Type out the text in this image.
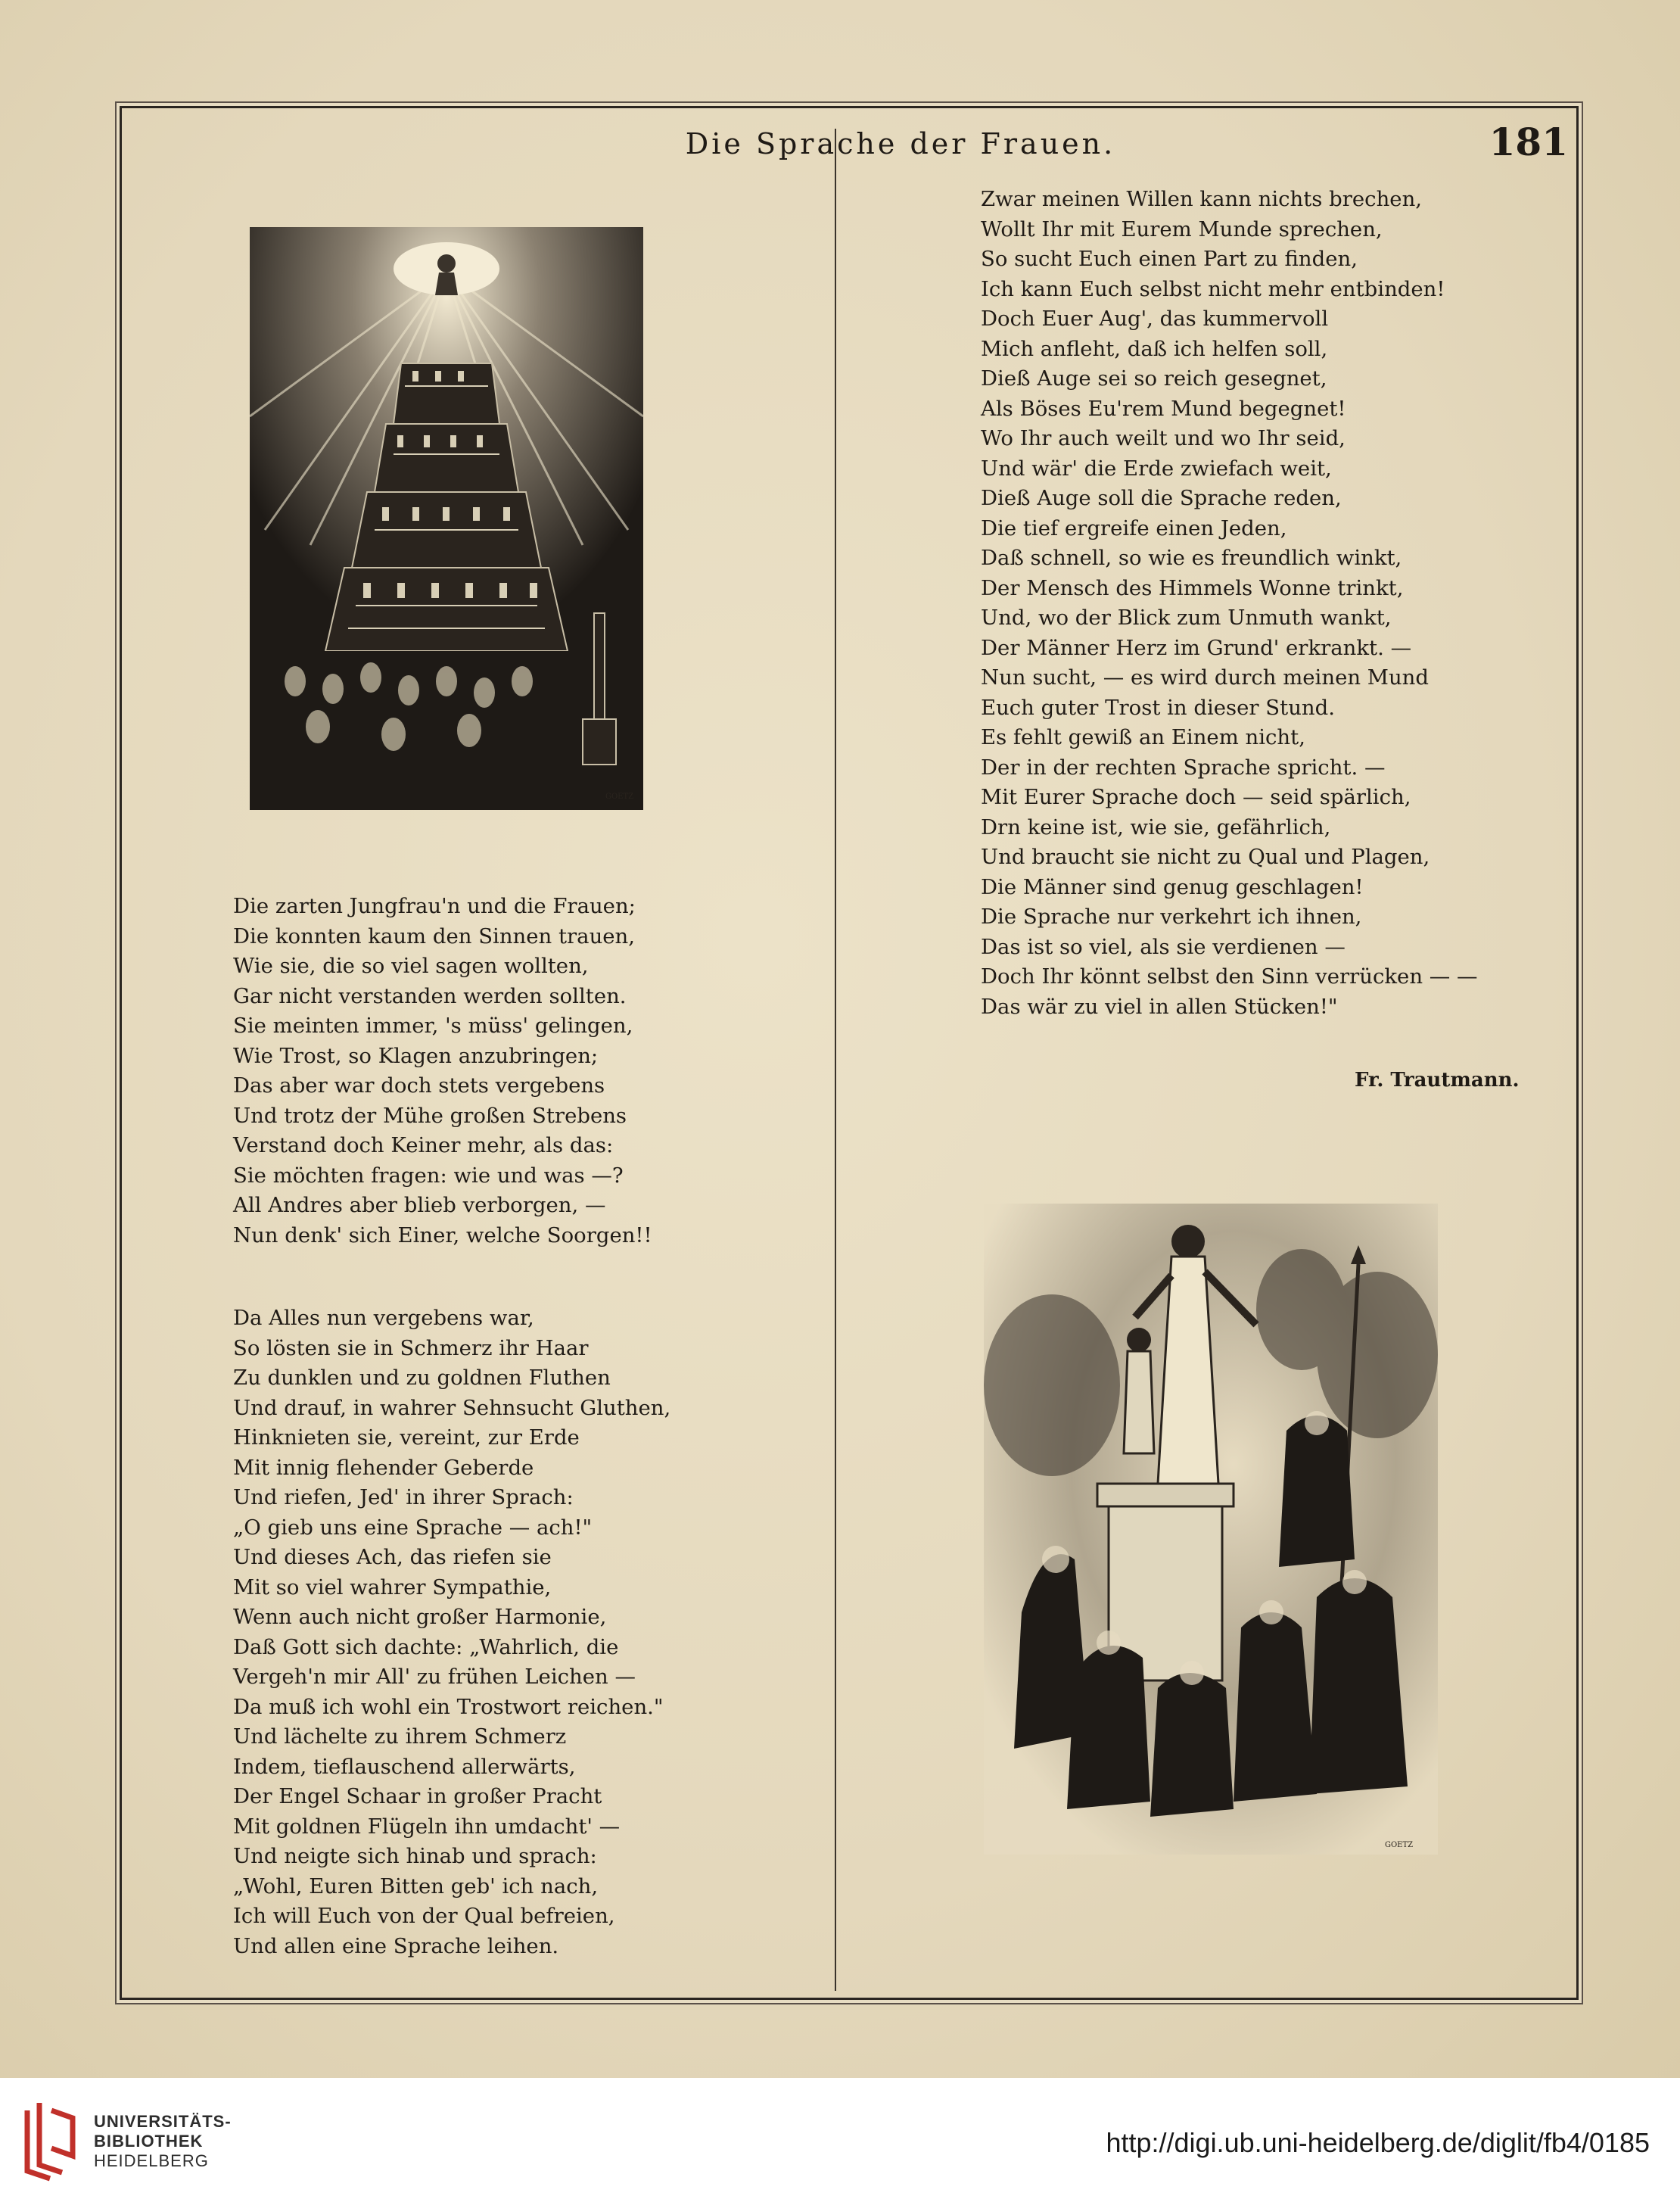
Die Sprache der Frauen.	181
GOETZ
GOETZ
Die zarten Jungfrau'n und die Frauen;
Die konnten kaum den Sinnen trauen,
Wie sie, die so viel sagen wollten,
Gar nicht verstanden werden sollten.
Sie meinten immer, 's müss' gelingen,
Wie Trost, so Klagen anzubringen;
Das aber war doch stets vergebens
Und trotz der Mühe großen Strebens
Verstand doch Keiner mehr, als das:
Sie möchten fragen: wie und was —?
All Andres aber blieb verborgen, —
Nun denk' sich Einer, welche Soorgen!!
Da Alles nun vergebens war,
So lösten sie in Schmerz ihr Haar
Zu dunklen und zu goldnen Fluthen
Und drauf, in wahrer Sehnsucht Gluthen,
Hinknieten sie, vereint, zur Erde
Mit innig flehender Geberde
Und riefen, Jed' in ihrer Sprach:
„O gieb uns eine Sprache — ach!"
Und dieses Ach, das riefen sie
Mit so viel wahrer Sympathie,
Wenn auch nicht großer Harmonie,
Daß Gott sich dachte: „Wahrlich, die
Vergeh'n mir All' zu frühen Leichen —
Da muß ich wohl ein Trostwort reichen."
Und lächelte zu ihrem Schmerz
Indem, tieflauschend allerwärts,
Der Engel Schaar in großer Pracht
Mit goldnen Flügeln ihn umdacht' —
Und neigte sich hinab und sprach:
„Wohl, Euren Bitten geb' ich nach,
Ich will Euch von der Qual befreien,
Und allen eine Sprache leihen.
Zwar meinen Willen kann nichts brechen,
Wollt Ihr mit Eurem Munde sprechen,
So sucht Euch einen Part zu finden,
Ich kann Euch selbst nicht mehr entbinden!
Doch Euer Aug', das kummervoll
Mich anfleht, daß ich helfen soll,
Dieß Auge sei so reich gesegnet,
Als Böses Eu'rem Mund begegnet!
Wo Ihr auch weilt und wo Ihr seid,
Und wär' die Erde zwiefach weit,
Dieß Auge soll die Sprache reden,
Die tief ergreife einen Jeden,
Daß schnell, so wie es freundlich winkt,
Der Mensch des Himmels Wonne trinkt,
Und, wo der Blick zum Unmuth wankt,
Der Männer Herz im Grund' erkrankt. —
Nun sucht, — es wird durch meinen Mund
Euch guter Trost in dieser Stund.
Es fehlt gewiß an Einem nicht,
Der in der rechten Sprache spricht. —
Mit Eurer Sprache doch — seid spärlich,
Drn keine ist, wie sie, gefährlich,
Und braucht sie nicht zu Qual und Plagen,
Die Männer sind genug geschlagen!
Die Sprache nur verkehrt ich ihnen,
Das ist so viel, als sie verdienen —
Doch Ihr könnt selbst den Sinn verrücken — —
Das wär zu viel in allen Stücken!"
Fr. Trautmann.
UNIVERSITÄTS-
BIBLIOTHEK
HEIDELBERG
http://digi.ub.uni-heidelberg.de/diglit/fb4/0185
